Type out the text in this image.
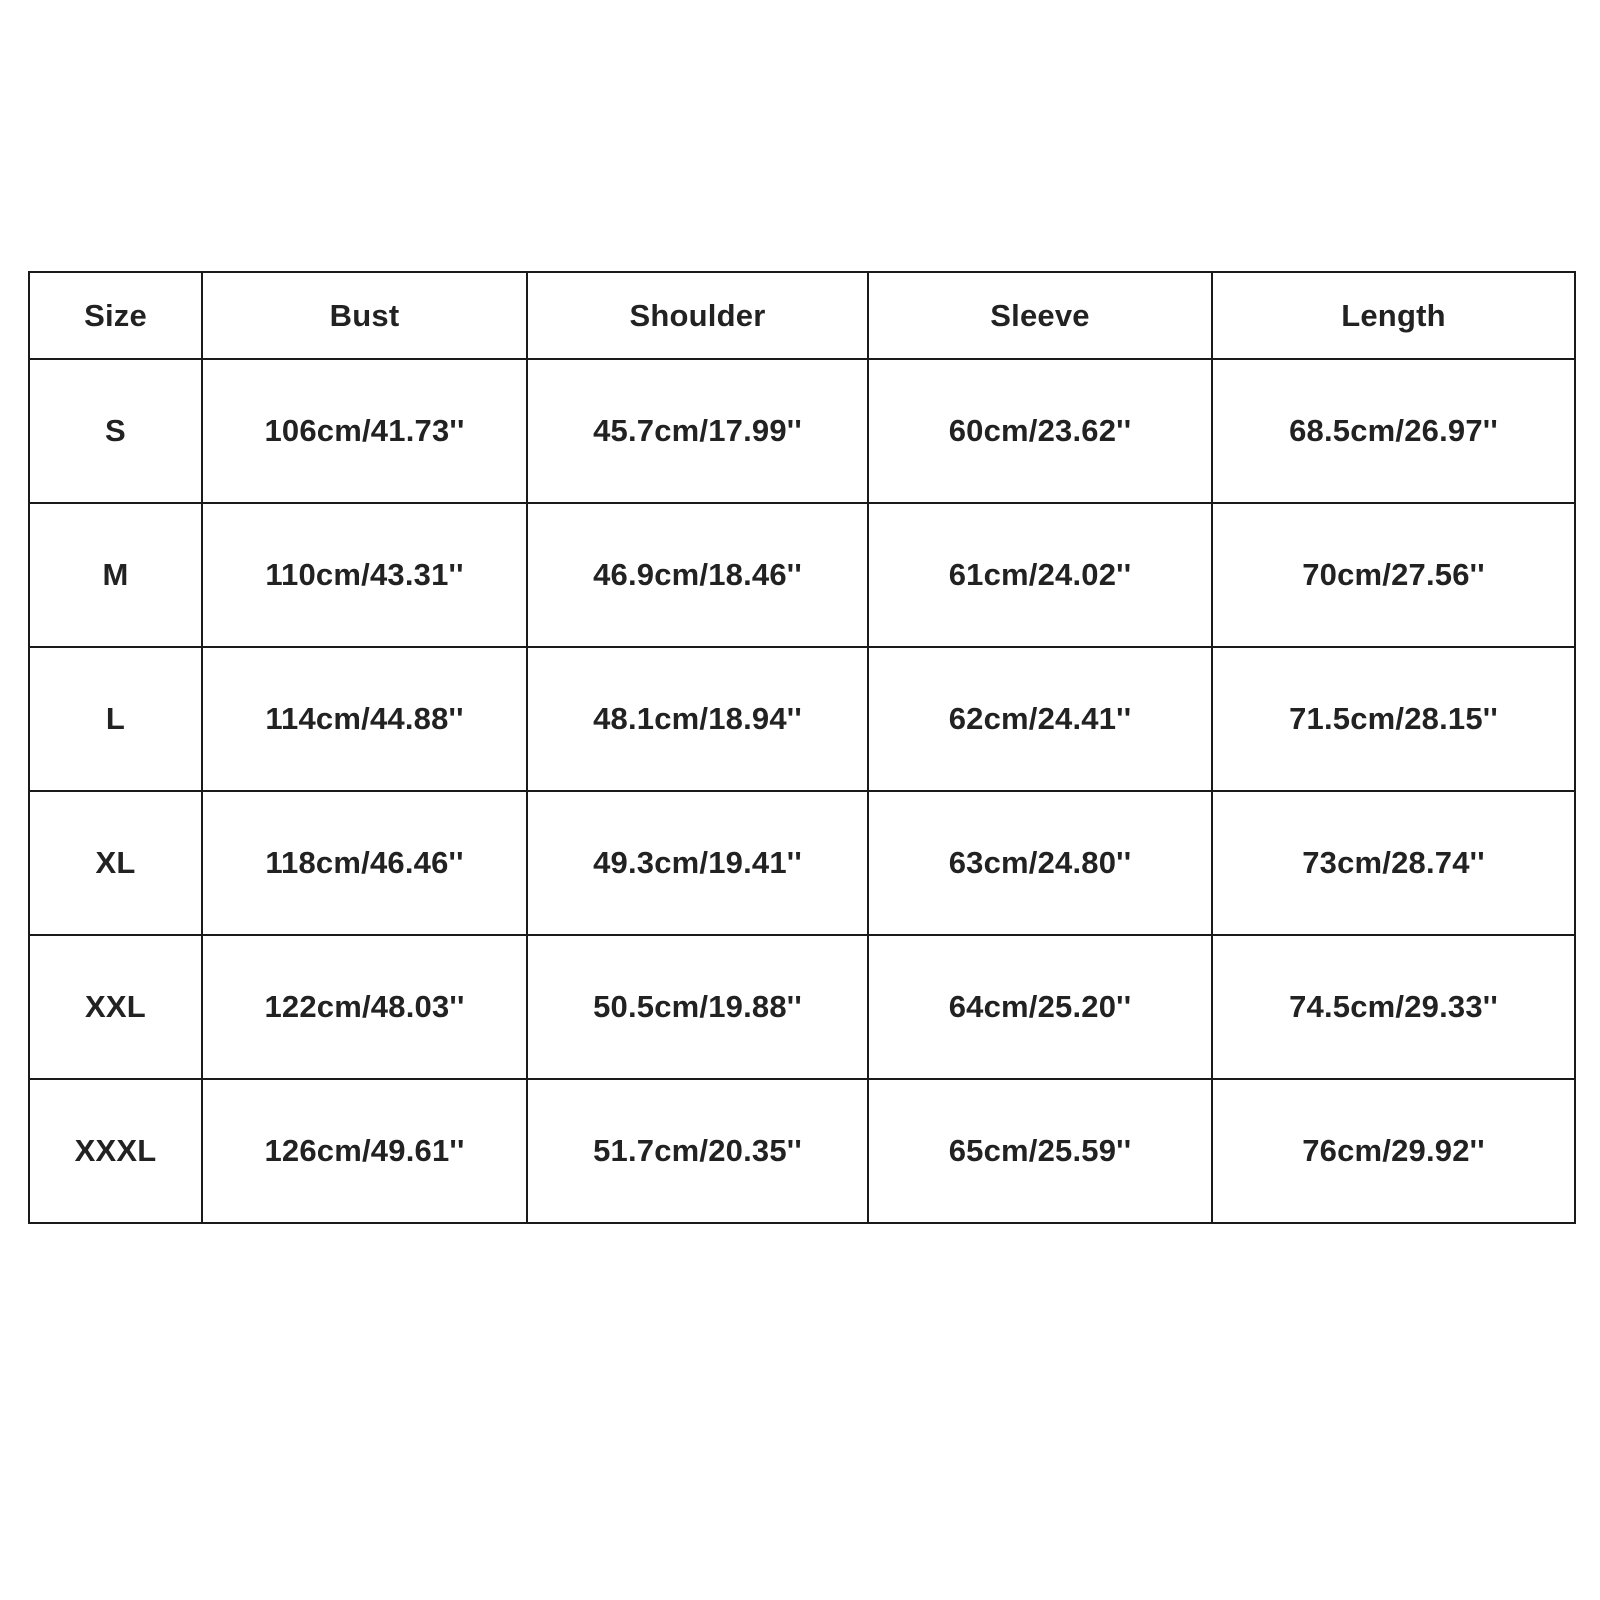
Size	Bust	Shoulder	Sleeve	Length
S	106cm/41.73''	45.7cm/17.99''	60cm/23.62''	68.5cm/26.97''
M	110cm/43.31''	46.9cm/18.46''	61cm/24.02''	70cm/27.56''
L	114cm/44.88''	48.1cm/18.94''	62cm/24.41''	71.5cm/28.15''
XL	118cm/46.46''	49.3cm/19.41''	63cm/24.80''	73cm/28.74''
XXL	122cm/48.03''	50.5cm/19.88''	64cm/25.20''	74.5cm/29.33''
XXXL	126cm/49.61''	51.7cm/20.35''	65cm/25.59''	76cm/29.92''
